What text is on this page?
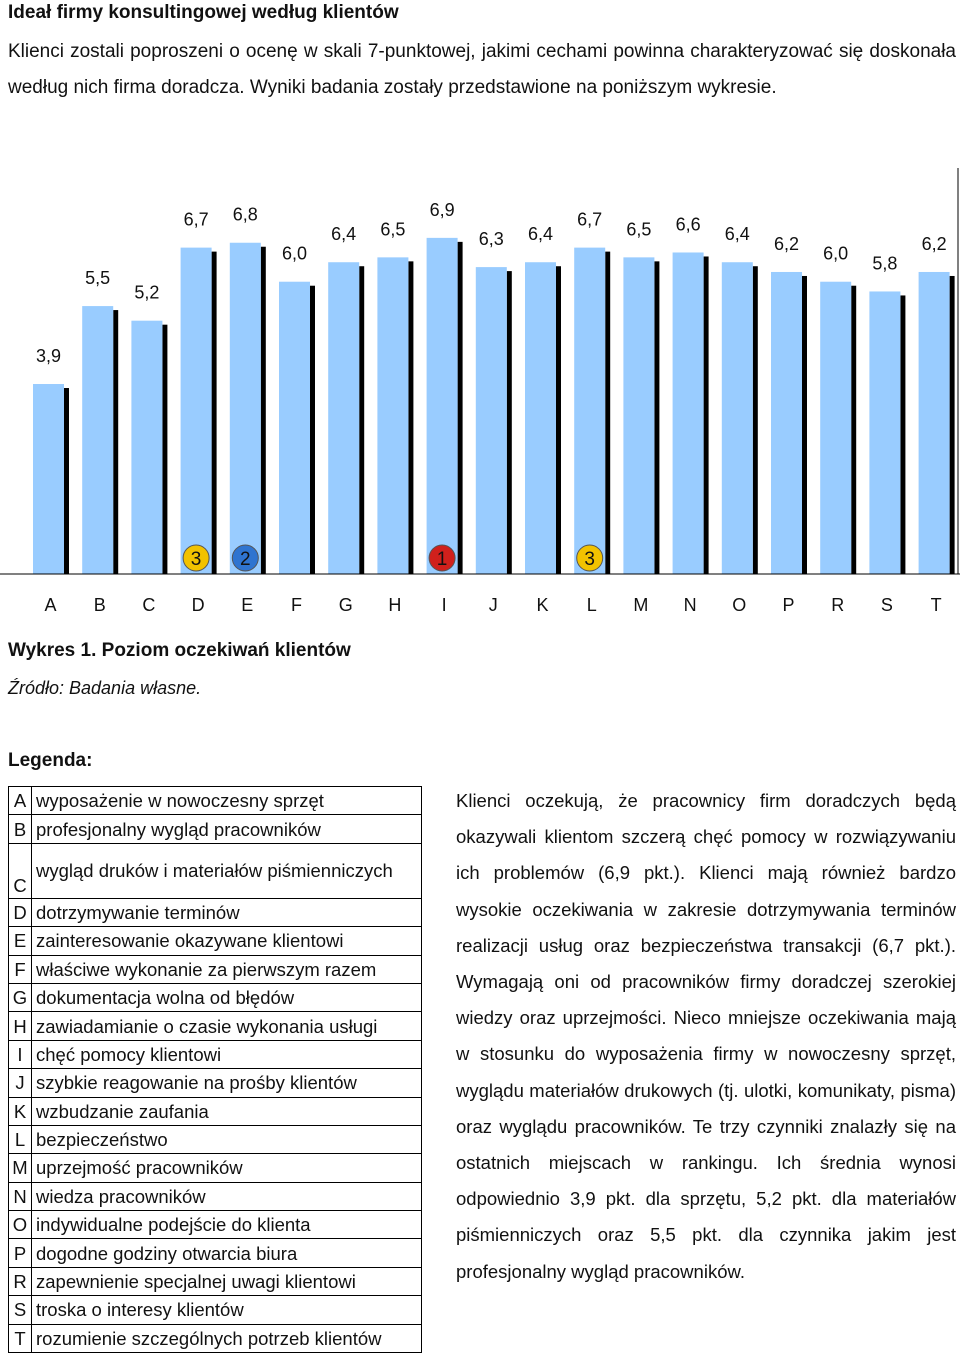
Ideał firmy konsultingowej według klientów
Klienci zostali poproszeni o ocenę w skali 7-punktowej, jakimi cechami powinna charakteryzować się doskonała według nich firma doradcza. Wyniki badania zostały przedstawione na poniższym wykresie.
3,9
A
5,5
B
5,2
C
6,7
D
6,8
E
6,0
F
6,4
G
6,5
H
6,9
I
6,3
J
6,4
K
6,7
L
6,5
M
6,6
N
6,4
O
6,2
P
6,0
R
5,8
S
6,2
T
3 2	1	3
Wykres 1. Poziom oczekiwań klientów
Źródło: Badania własne.
Legenda:
A	wyposażenie w nowoczesny sprzęt
B	profesjonalny wygląd pracowników
C	wygląd druków i materiałów piśmienniczych
D	dotrzymywanie terminów
E	zainteresowanie okazywane klientowi
F	właściwe wykonanie za pierwszym razem
G	dokumentacja wolna od błędów
H	zawiadamianie o czasie wykonania usługi
I	chęć pomocy klientowi
J	szybkie reagowanie na prośby klientów
K	wzbudzanie zaufania
L	bezpieczeństwo
M	uprzejmość pracowników
N	wiedza pracowników
O	indywidualne podejście do klienta
P	dogodne godziny otwarcia biura
R	zapewnienie specjalnej uwagi klientowi
S	troska o interesy klientów
T	rozumienie szczególnych potrzeb klientów
Klienci oczekują, że pracownicy firm doradczych będą okazywali klientom szczerą chęć pomocy w rozwiązywaniu ich problemów (6,9 pkt.). Klienci mają również bardzo wysokie oczekiwania w zakresie dotrzymywania terminów realizacji usług oraz bezpieczeństwa transakcji (6,7 pkt.). Wymagają oni od pracowników firmy doradczej szerokiej wiedzy oraz uprzejmości. Nieco mniejsze oczekiwania mają w stosunku do wyposażenia firmy w nowoczesny sprzęt, wyglądu materiałów drukowych (tj. ulotki, komunikaty, pisma) oraz wyglądu pracowników. Te trzy czynniki znalazły się na ostatnich miejscach w rankingu. Ich średnia wynosi odpowiednio 3,9 pkt. dla sprzętu, 5,2 pkt. dla materiałów piśmienniczych oraz 5,5 pkt. dla czynnika jakim jest profesjonalny wygląd pracowników.
